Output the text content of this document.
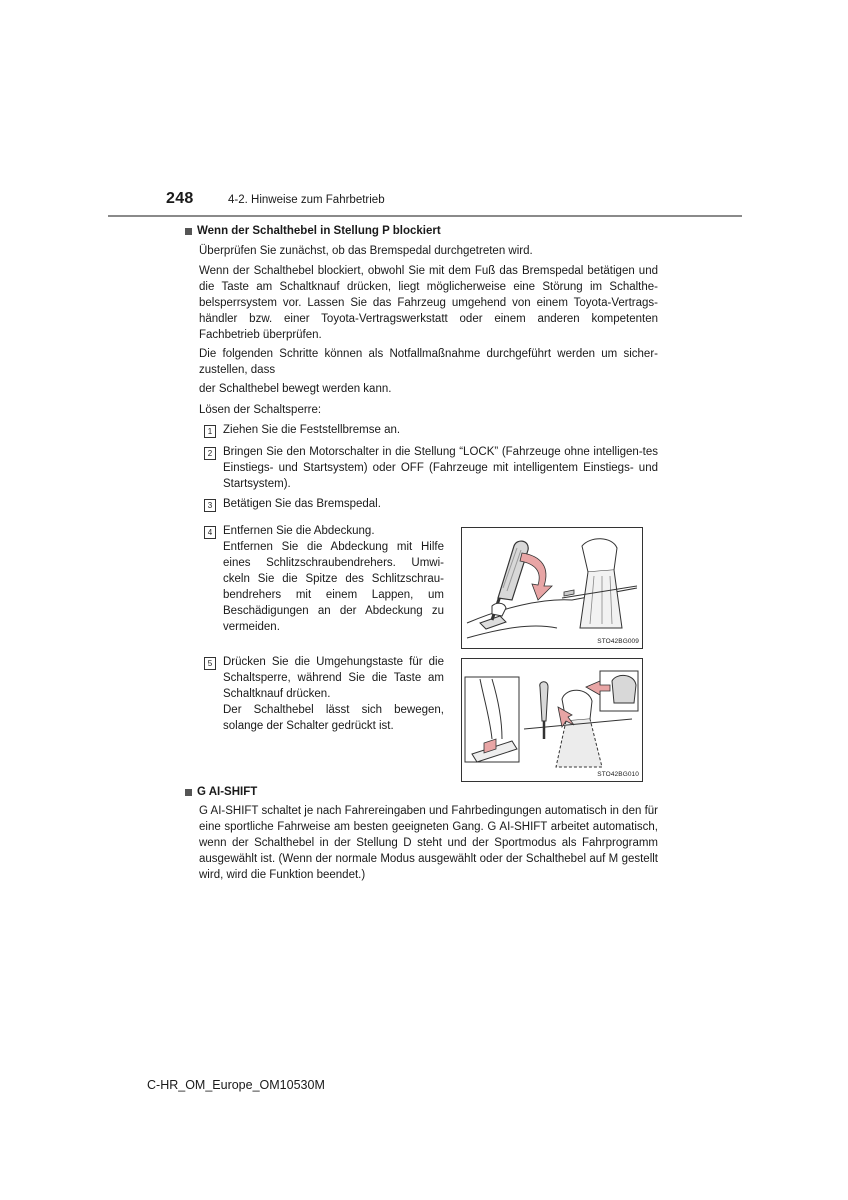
248	4-2. Hinweise zum Fahrbetrieb
Wenn der Schalthebel in Stellung P blockiert
Überprüfen Sie zunächst, ob das Bremspedal durchgetreten wird.
Wenn der Schalthebel blockiert, obwohl Sie mit dem Fuß das Bremspedal betätigen und die Taste am Schaltknauf drücken, liegt möglicherweise eine Störung im Schalthe-belsperrsystem vor. Lassen Sie das Fahrzeug umgehend von einem Toyota-Vertrags-händler bzw. einer Toyota-Vertragswerkstatt oder einem anderen kompetenten Fachbetrieb überprüfen.
Die folgenden Schritte können als Notfallmaßnahme durchgeführt werden um sicher-zustellen, dass
der Schalthebel bewegt werden kann.
Lösen der Schaltsperre:
1 Ziehen Sie die Feststellbremse an.
2 Bringen Sie den Motorschalter in die Stellung “LOCK” (Fahrzeuge ohne intelligen-tes Einstiegs- und Startsystem) oder OFF (Fahrzeuge mit intelligentem Einstiegs- und Startsystem).
3 Betätigen Sie das Bremspedal.
4 Entfernen Sie die Abdeckung.
Entfernen Sie die Abdeckung mit Hilfe eines Schlitzschraubendrehers. Umwi-ckeln Sie die Spitze des Schlitzschrau-bendrehers mit einem Lappen, um Beschädigungen an der Abdeckung zu vermeiden.
STO42BG009
5 Drücken Sie die Umgehungstaste für die Schaltsperre, während Sie die Taste am Schaltknauf drücken.
Der Schalthebel lässt sich bewegen, solange der Schalter gedrückt ist.
STO42BG010
G AI-SHIFT
G AI-SHIFT schaltet je nach Fahrereingaben und Fahrbedingungen automatisch in den für eine sportliche Fahrweise am besten geeigneten Gang. G AI-SHIFT arbeitet automatisch, wenn der Schalthebel in der Stellung D steht und der Sportmodus als Fahrprogramm ausgewählt ist. (Wenn der normale Modus ausgewählt oder der Schalthebel auf M gestellt wird, wird die Funktion beendet.)
C-HR_OM_Europe_OM10530M
